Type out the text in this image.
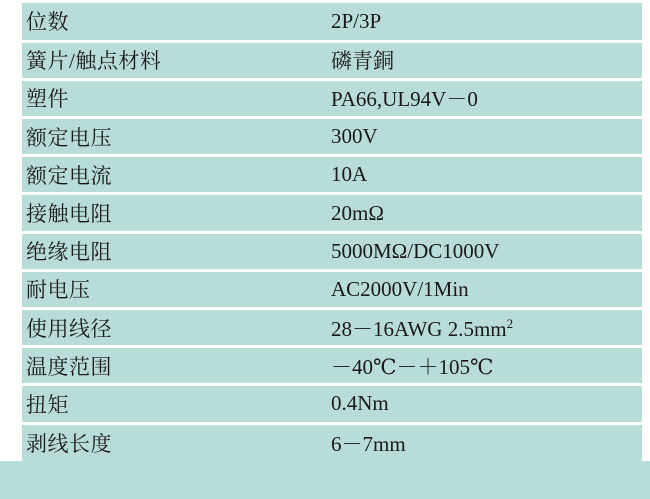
	位数	2P/3P	
	簧片/触点材料	磷青銅	
	塑件	PA66,UL94V－0	
	额定电压	300V	
	额定电流	10A	
	接触电阻	20mΩ	
	绝缘电阻	5000MΩ/DC1000V	
	耐电压	AC2000V/1Min	
	使用线径	28－16AWG $2.5mm^2$	
	温度范围	－40℃－＋105℃	
	扭矩	0.4Nm	
	剥线长度	6－7mm	
